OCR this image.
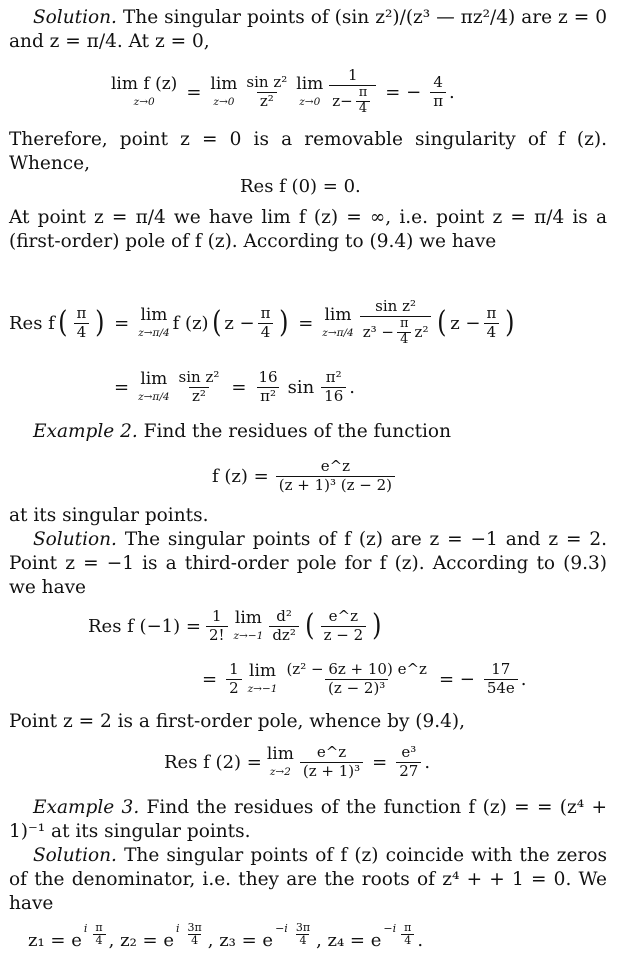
Solution. The singular points of (sin z²)/(z³ — πz²/4) are z = 0 and z = π/4. At z = 0,

lim f (z)
z→0 = lim
$z\to 0 \frac{\text{sin z²}}{\text{z²}}$ lim
$z\to 0 \frac{1}{z- \frac{\pi}{4}}$ = − $\frac{4}{\pi}$ .

Therefore, point z = 0 is a removable singularity of f (z). Whence,

Res f (0) = 0.

At point z = π/4 we have lim f (z) = ∞, i.e. point z = π/4 is a (first-order) pole of f (z). According to (9.4) we have

Res f ( $\frac{\pi}{4}$ ) = lim
z→π/4 f (z) ( $z - \frac{\pi}{4}$ ) = lim
$z\to\pi/4 \frac{\text{sin z²}}{z^3 - \frac{\pi}{4} z^2}$ ( $z - \frac{\pi}{4}$ )
= lim
$z\to\pi/4 \frac{\text{sin z²}}{\text{z²}} = \frac{16}{\text{π²}}$ $\sin \frac{\text{π²}}{16}$ .

Example 2. Find the residues of the function

f $(z) = \frac{e\^{}z}{\text{(z + 1)³ (z − 2)}}$

at its singular points.

Solution. The singular points of f (z) are z = −1 and z = 2. Point z = −1 is a third-order pole for f (z). According to (9.3) we have

Res f $(-1) = \frac{1}{2!}$ lim
$z\to-1 \frac{\text{d²}}{\text{dz²}}$ ( $\frac{e\^{}z}{z - 2}$ )
= $\frac{1}{2}$ lim
$z\to-1 \frac{\text{(z² − 6z + 10) e\textasciicircum{}z}}{\text{(z − 2)³}}$ = − $\frac{17}{54e}$ .

Point z = 2 is a first-order pole, whence by (9.4),

Res f (2) = lim
$z\to 2 \frac{e\^{}z}{\text{(z + 1)³}} = \frac{\text{e³}}{27}$ .

Example 3. Find the residues of the function f (z) = = (z⁴ + 1)⁻¹ at its singular points.

Solution. The singular points of f (z) coincide with the zeros of the denominator, i.e. they are the roots of z⁴ + + 1 = 0. We have

z₁ = e
i $\frac{\pi}{4}$ , z₂ = e
i $\frac{3\pi}{4}$ , z₃ = e
$-i \frac{3\pi}{4}$ , z₄ = e
$-i \frac{\pi}{4}$ .
